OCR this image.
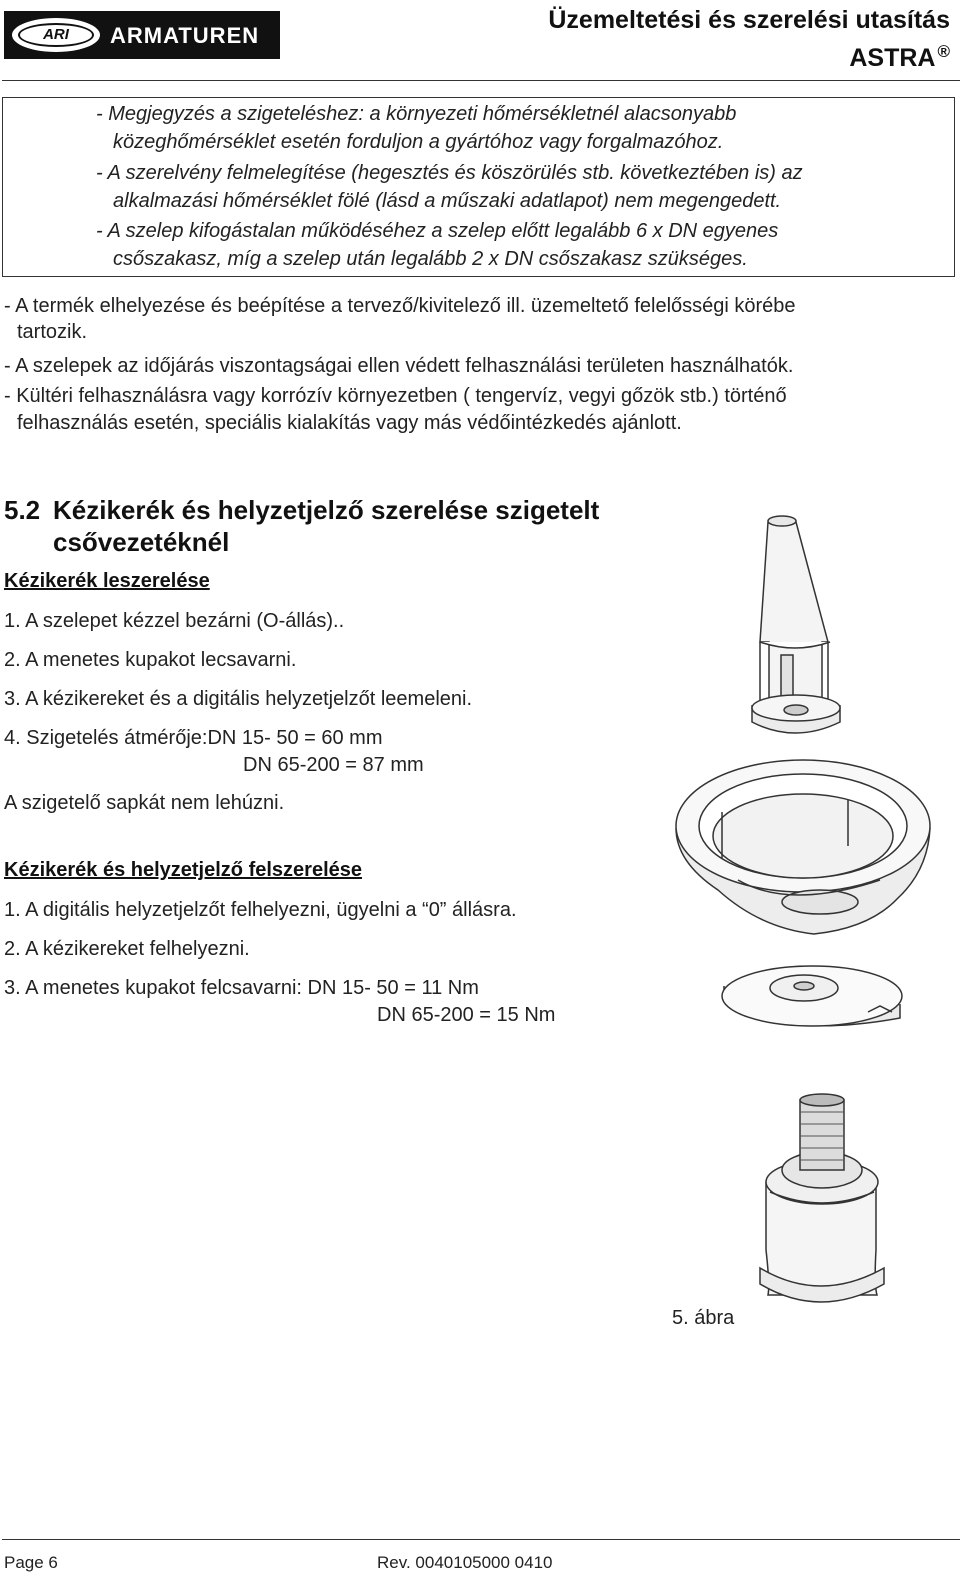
ARI	ARMATUREN
Üzemeltetési és szerelési utasítás
ASTRA ®
- Megjegyzés a szigeteléshez: a környezeti hőmérsékletnél alacsonyabb
közeghőmérséklet esetén forduljon a gyártóhoz vagy forgalmazóhoz.
- A szerelvény felmelegítése (hegesztés és köszörülés stb. következtében is) az
alkalmazási hőmérséklet fölé (lásd a műszaki adatlapot) nem megengedett.
- A szelep kifogástalan működéséhez a szelep előtt legalább 6 x DN egyenes
csőszakasz, míg a szelep után legalább 2 x DN csőszakasz szükséges.
- A termék elhelyezése és beépítése a tervező/kivitelező ill. üzemeltető felelősségi körébe
tartozik.
- A szelepek az időjárás viszontagságai ellen védett felhasználási területen használhatók.
- Kültéri felhasználásra vagy korrózív környezetben ( tengervíz, vegyi gőzök stb.) történő
felhasználás esetén, speciális kialakítás vagy más védőintézkedés ajánlott.
5.2 Kézikerék és helyzetjelző szerelése szigetelt
csővezetéknél
Kézikerék leszerelése
1. A szelepet kézzel bezárni (O-állás)..
2. A menetes kupakot lecsavarni.
3. A kézikereket és a digitális helyzetjelzőt leemeleni.
4. Szigetelés átmérője:DN 15- 50 = 60 mm
DN 65-200 = 87 mm
A szigetelő sapkát nem lehúzni.
Kézikerék és helyzetjelző felszerelése
1. A digitális helyzetjelzőt felhelyezni, ügyelni a “0” állásra.
2. A kézikereket felhelyezni.
3. A menetes kupakot felcsavarni: DN 15- 50 = 11 Nm
DN 65-200 = 15 Nm
5. ábra
Page 6	Rev. 0040105000 0410
